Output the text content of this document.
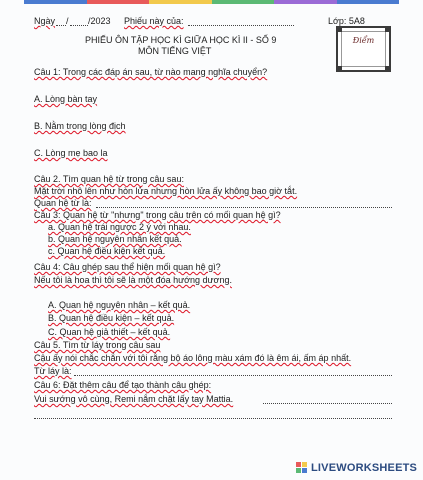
Ngày / /2023 Phiếu này của:	Lớp: 5A8
PHIẾU ÔN TẬP HỌC KÌ GIỮA HỌC KÌ II - SỐ 9
MÔN TIẾNG VIỆT
Điểm
Câu 1: Trong các đáp án sau, từ nào mang nghĩa chuyển?
A. Lòng bàn tay
B. Nằm trong lòng địch
C. Lòng mẹ bao la
Câu 2. Tìm quan hệ từ trong câu sau:
Mặt trời nhô lên như hòn lửa nhưng hòn lửa ấy không bao giờ tắt.
Quan hệ từ là:
Câu 3: Quan hệ từ "nhưng" trong câu trên có mối quan hệ gì?
a. Quan hệ trái ngược 2 ý với nhau.
b. Quan hệ nguyên nhân kết quả.
c. Quan hệ điều kiện kết quả.
Câu 4: Câu ghép sau thể hiện mối quan hệ gì?
Nếu tôi là hoa thì tôi sẽ là một đóa hướng dương.
A. Quan hệ nguyên nhân – kết quả.
B. Quan hệ điều kiện – kết quả.
C. Quan hệ giả thiết – kết quả.
Câu 5. Tìm từ láy trong câu sau
Cậu ấy nói chắc chắn với tôi rằng bộ áo lông màu xám đó là êm ái, ấm áp nhất.
Từ láy là:
Câu 6: Đặt thêm câu để tạo thành câu ghép:
Vui sướng vô cùng, Remi nắm chặt lấy tay Mattia.
LIVEWORKSHEETS
